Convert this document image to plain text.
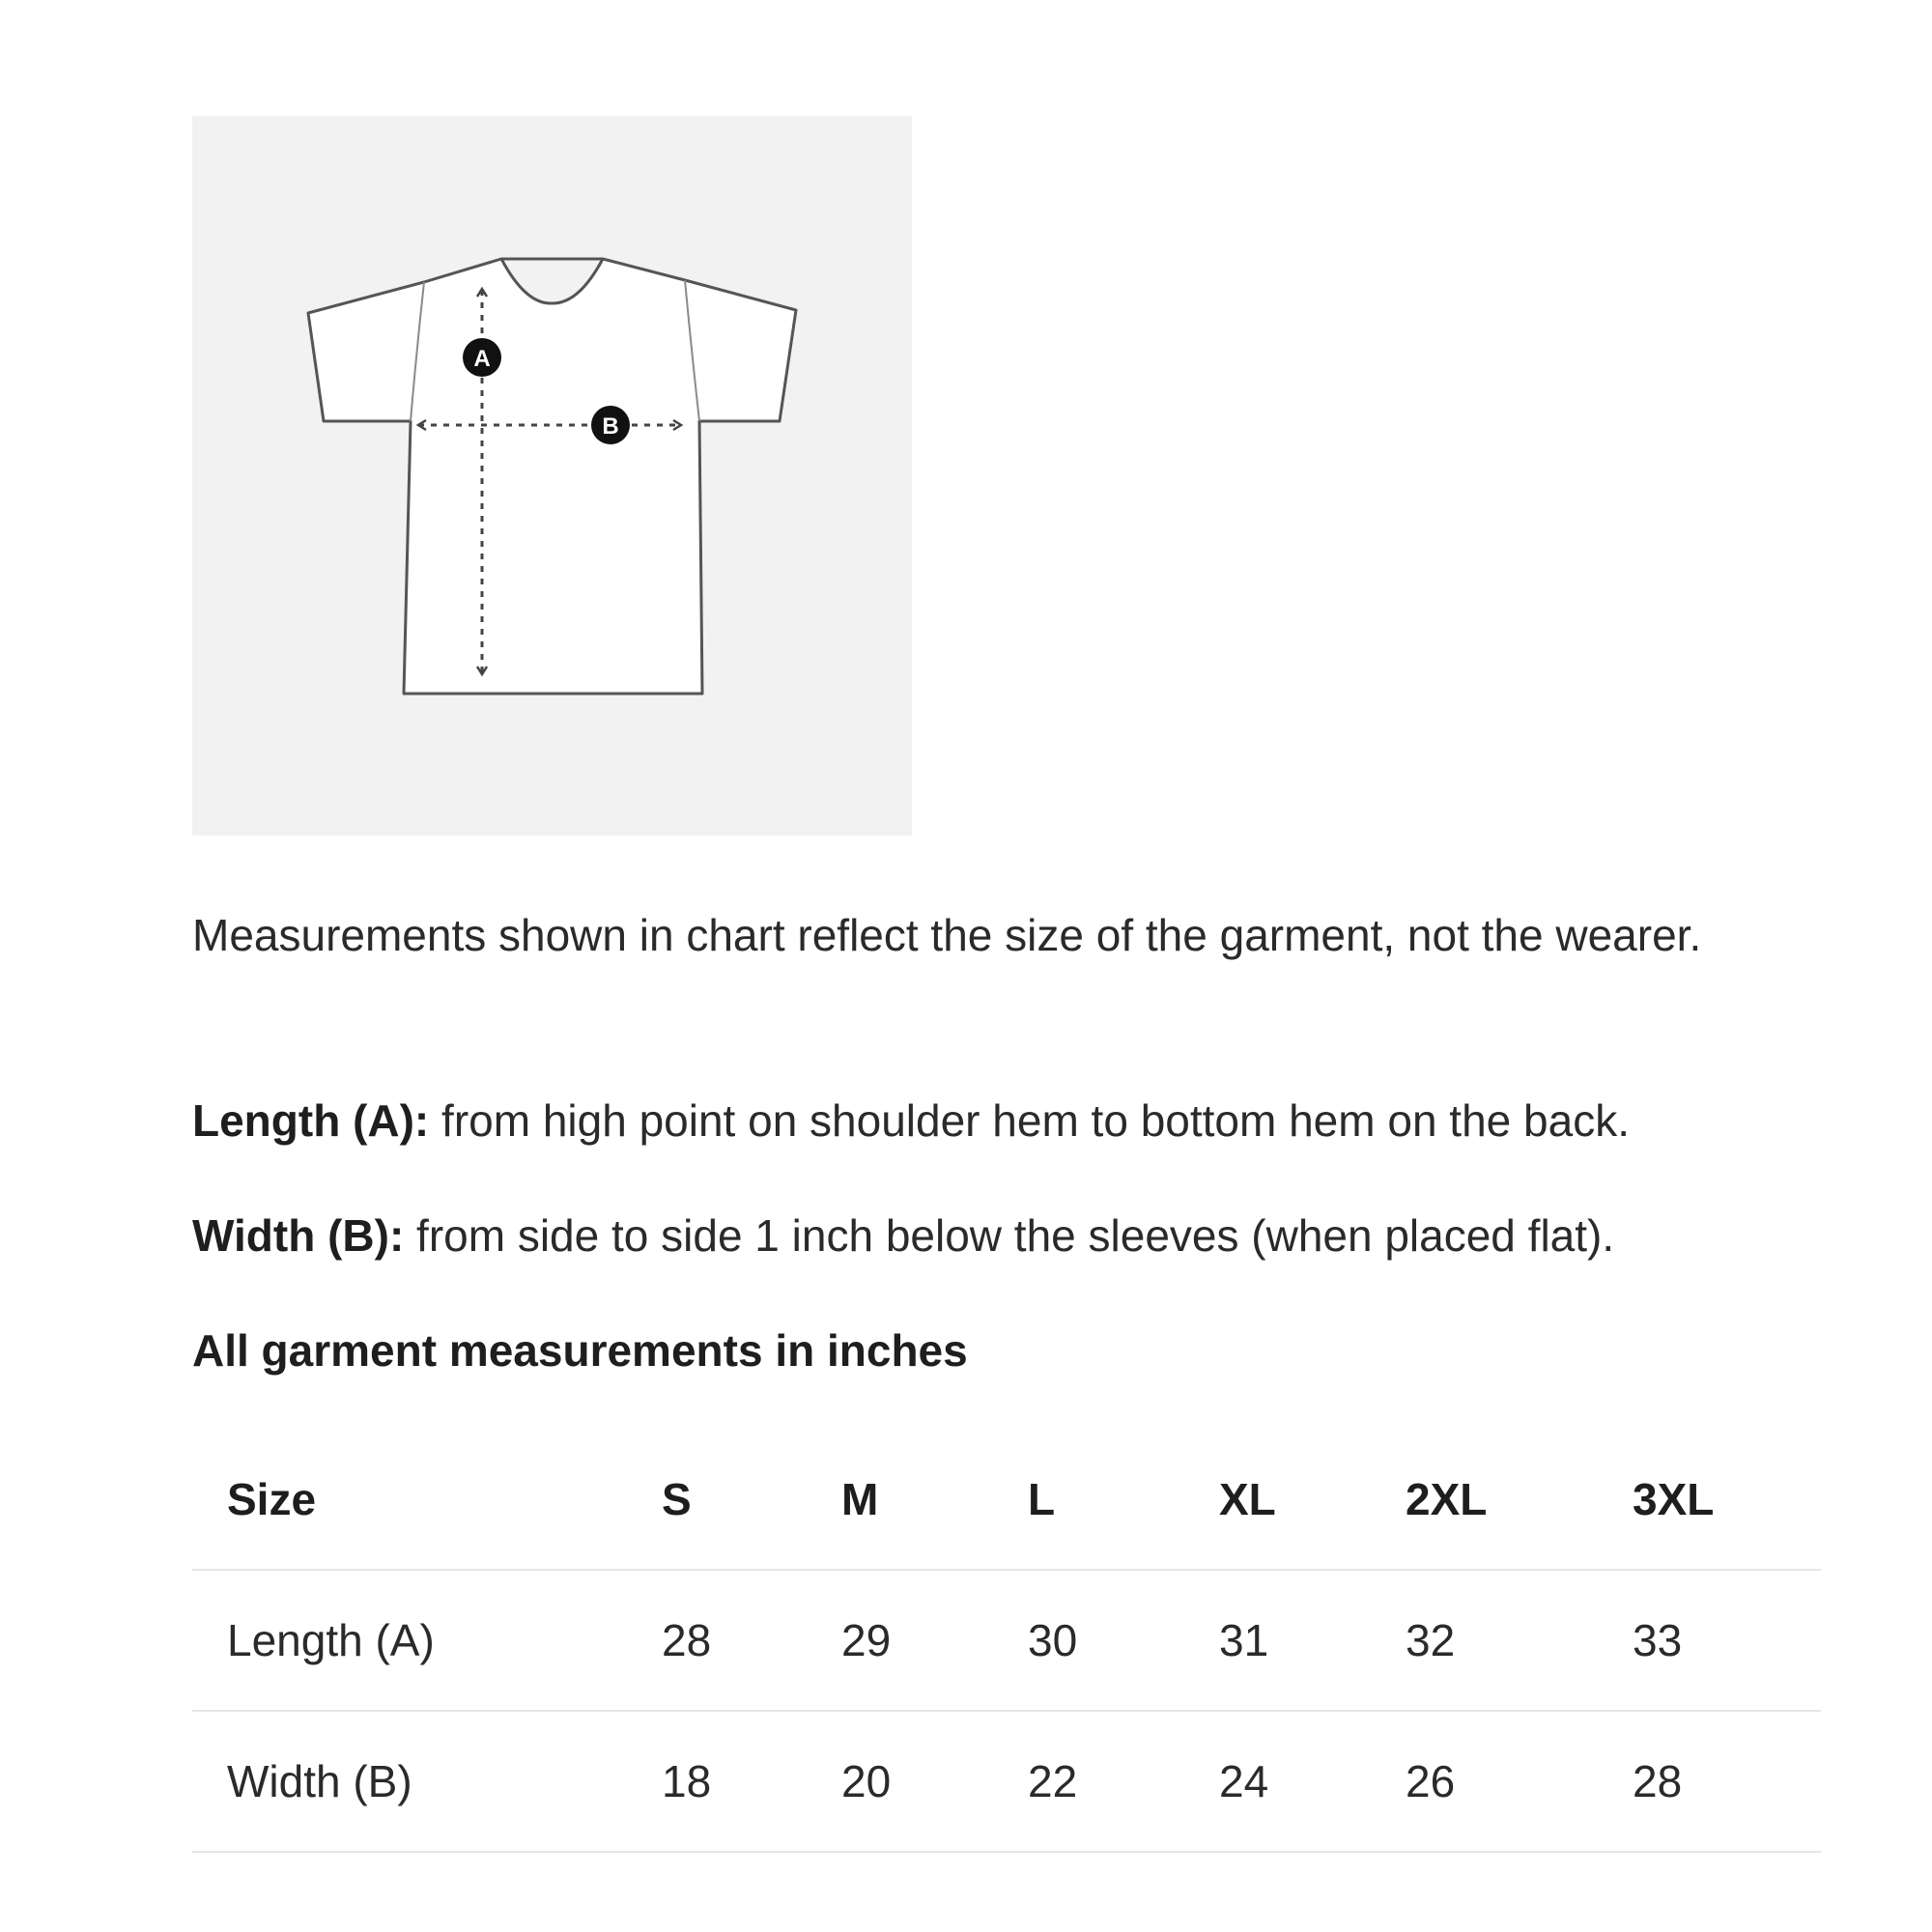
A
B
Measurements shown in chart reflect the size of the garment, not the wearer.
Length (A): from high point on shoulder hem to bottom hem on the back.
Width (B): from side to side 1 inch below the sleeves (when placed flat).
All garment measurements in inches
Size	S	M	L	XL	2XL	3XL
Length (A)	28	29	30	31	32	33
Width (B)	18	20	22	24	26	28
